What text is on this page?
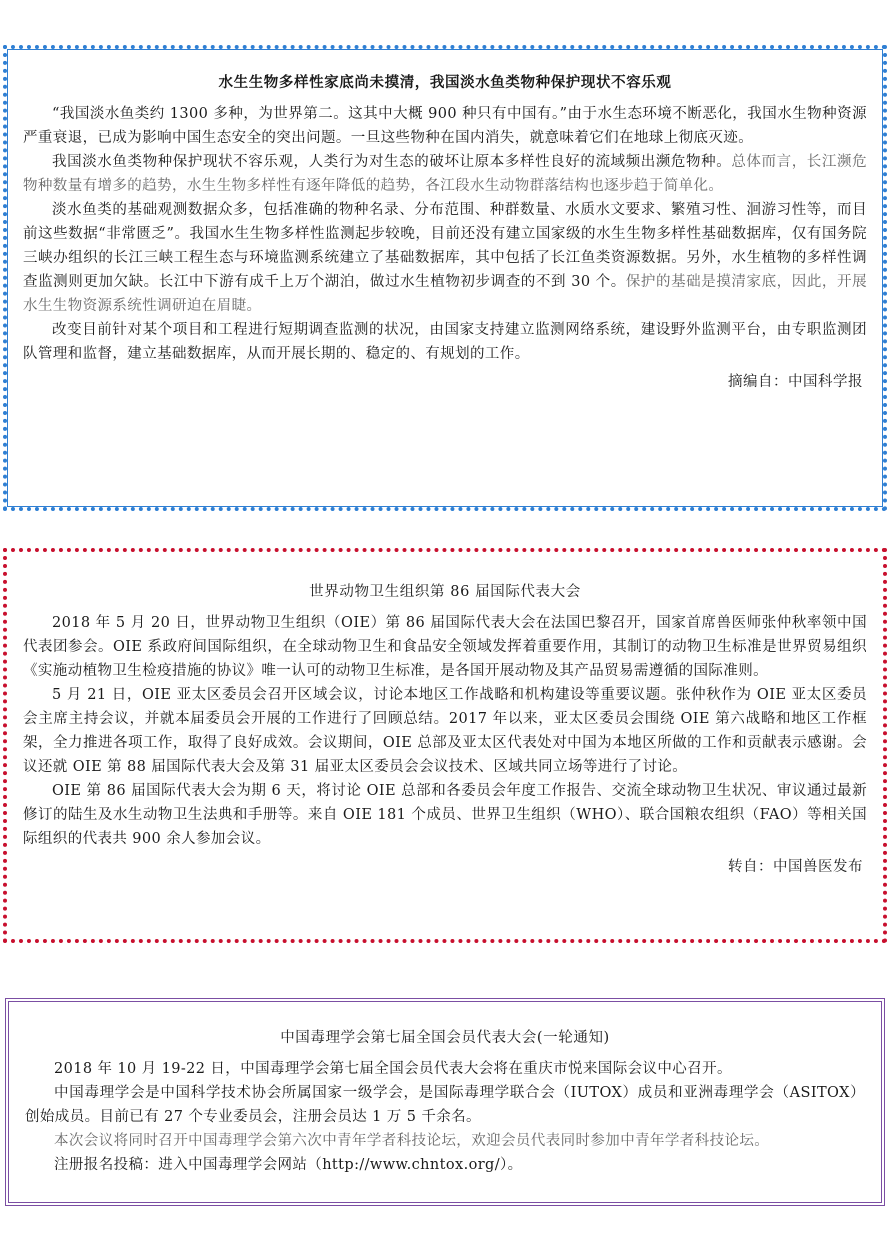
水生生物多样性家底尚未摸清，我国淡水鱼类物种保护现状不容乐观

“我国淡水鱼类约 1300 多种，为世界第二。这其中大概 900 种只有中国有。”由于水生态环境不断恶化，我国水生物种资源严重衰退，已成为影响中国生态安全的突出问题。一旦这些物种在国内消失，就意味着它们在地球上彻底灭迹。

我国淡水鱼类物种保护现状不容乐观，人类行为对生态的破坏让原本多样性良好的流域频出濒危物种。总体而言，长江濒危物种数量有增多的趋势，水生生物多样性有逐年降低的趋势，各江段水生动物群落结构也逐步趋于简单化。

淡水鱼类的基础观测数据众多，包括准确的物种名录、分布范围、种群数量、水质水文要求、繁殖习性、洄游习性等，而目前这些数据“非常匮乏”。我国水生生物多样性监测起步较晚，目前还没有建立国家级的水生生物多样性基础数据库，仅有国务院三峡办组织的长江三峡工程生态与环境监测系统建立了基础数据库，其中包括了长江鱼类资源数据。另外，水生植物的多样性调查监测则更加欠缺。长江中下游有成千上万个湖泊，做过水生植物初步调查的不到 30 个。保护的基础是摸清家底，因此，开展水生生物资源系统性调研迫在眉睫。

改变目前针对某个项目和工程进行短期调查监测的状况，由国家支持建立监测网络系统，建设野外监测平台，由专职监测团队管理和监督，建立基础数据库，从而开展长期的、稳定的、有规划的工作。

摘编自：中国科学报

世界动物卫生组织第 86 届国际代表大会

2018 年 5 月 20 日，世界动物卫生组织（OIE）第 86 届国际代表大会在法国巴黎召开，国家首席兽医师张仲秋率领中国代表团参会。OIE 系政府间国际组织，在全球动物卫生和食品安全领域发挥着重要作用，其制订的动物卫生标准是世界贸易组织《实施动植物卫生检疫措施的协议》唯一认可的动物卫生标准，是各国开展动物及其产品贸易需遵循的国际准则。

5 月 21 日，OIE 亚太区委员会召开区域会议，讨论本地区工作战略和机构建设等重要议题。张仲秋作为 OIE 亚太区委员会主席主持会议，并就本届委员会开展的工作进行了回顾总结。2017 年以来，亚太区委员会围绕 OIE 第六战略和地区工作框架，全力推进各项工作，取得了良好成效。会议期间，OIE 总部及亚太区代表处对中国为本地区所做的工作和贡献表示感谢。会议还就 OIE 第 88 届国际代表大会及第 31 届亚太区委员会会议技术、区域共同立场等进行了讨论。

OIE 第 86 届国际代表大会为期 6 天，将讨论 OIE 总部和各委员会年度工作报告、交流全球动物卫生状况、审议通过最新修订的陆生及水生动物卫生法典和手册等。来自 OIE 181 个成员、世界卫生组织（WHO）、联合国粮农组织（FAO）等相关国际组织的代表共 900 余人参加会议。

转自：中国兽医发布

中国毒理学会第七届全国会员代表大会(一轮通知)

2018 年 10 月 19-22 日，中国毒理学会第七届全国会员代表大会将在重庆市悦来国际会议中心召开。

中国毒理学会是中国科学技术协会所属国家一级学会，是国际毒理学联合会（IUTOX）成员和亚洲毒理学会（ASITOX）创始成员。目前已有 27 个专业委员会，注册会员达 1 万 5 千余名。

本次会议将同时召开中国毒理学会第六次中青年学者科技论坛，欢迎会员代表同时参加中青年学者科技论坛。

注册报名投稿：进入中国毒理学会网站（http://www.chntox.org/）。
